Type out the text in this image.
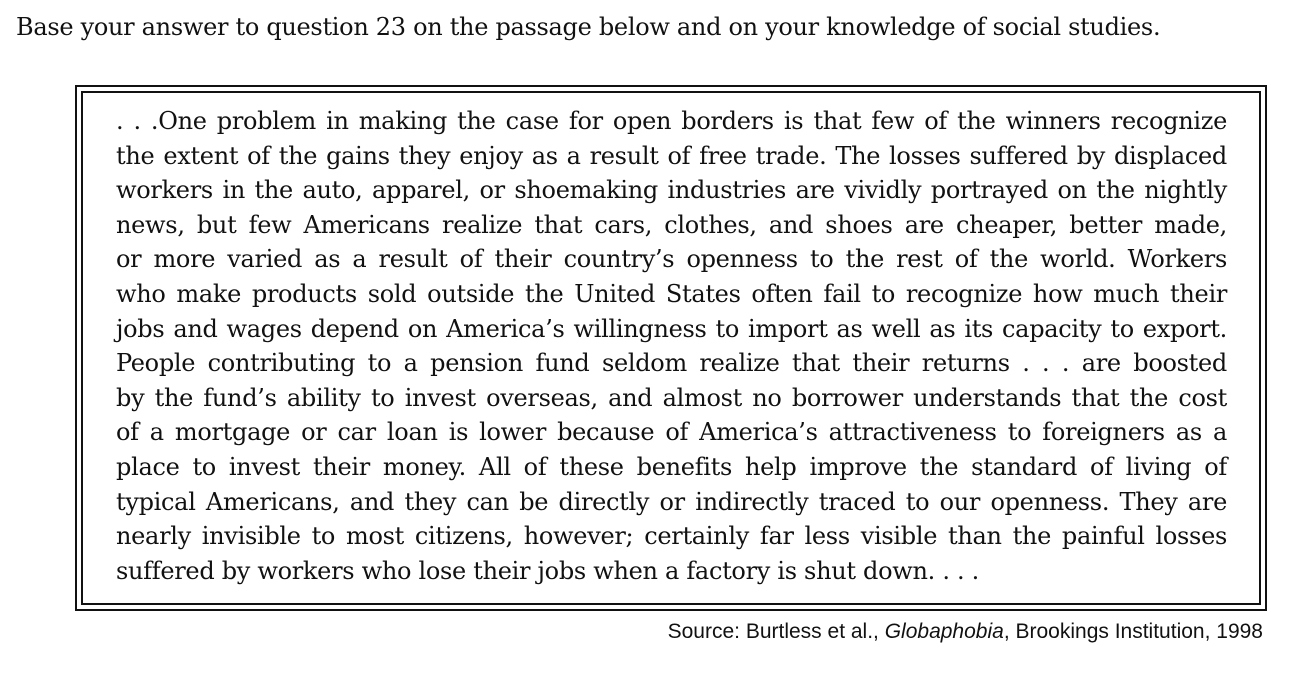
Base your answer to question 23 on the passage below and on your knowledge of social studies.
. . .One problem in making the case for open borders is that few of the winners recognize
the extent of the gains they enjoy as a result of free trade. The losses suffered by displaced
workers in the auto, apparel, or shoemaking industries are vividly portrayed on the nightly
news, but few Americans realize that cars, clothes, and shoes are cheaper, better made,
or more varied as a result of their country’s openness to the rest of the world. Workers
who make products sold outside the United States often fail to recognize how much their
jobs and wages depend on America’s willingness to import as well as its capacity to export.
People contributing to a pension fund seldom realize that their returns . . . are boosted
by the fund’s ability to invest overseas, and almost no borrower understands that the cost
of a mortgage or car loan is lower because of America’s attractiveness to foreigners as a
place to invest their money. All of these benefits help improve the standard of living of
typical Americans, and they can be directly or indirectly traced to our openness. They are
nearly invisible to most citizens, however; certainly far less visible than the painful losses
suffered by workers who lose their jobs when a factory is shut down. . . .
Source: Burtless et al., Globaphobia, Brookings Institution, 1998
